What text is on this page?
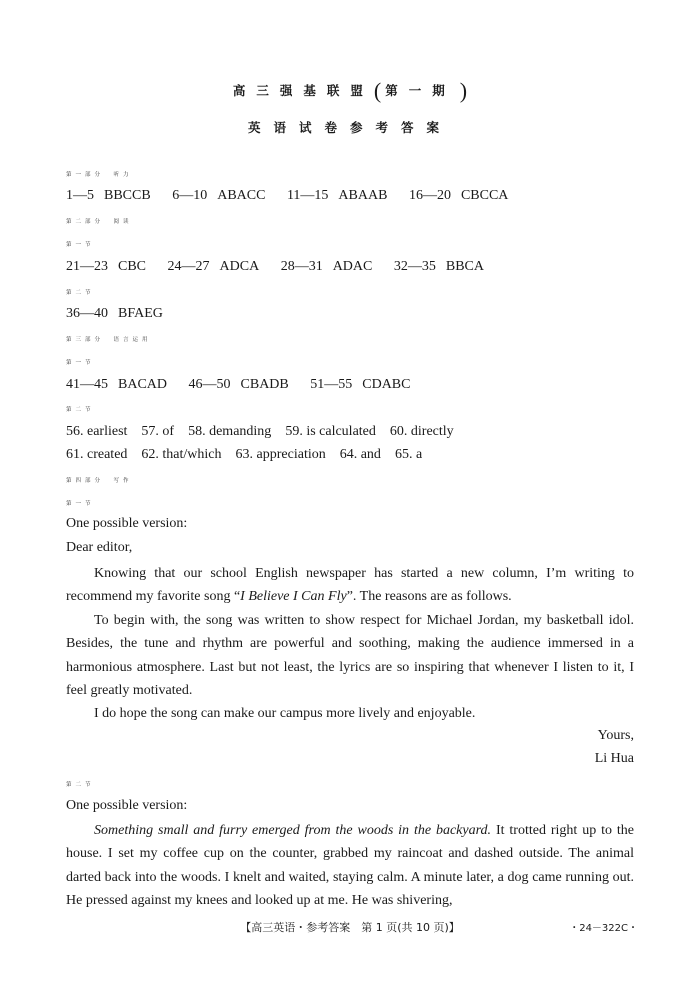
高三强基联盟( 第一期 )
英语试卷参考答案
第一部分　听力
1—5 BBCCB 6—10 ABACC 11—15 ABAAB 16—20 CBCCA
第二部分　阅读
第一节
21—23 CBC 24—27 ADCA 28—31 ADAC 32—35 BBCA
第二节
36—40 BFAEG
第三部分　语言运用
第一节
41—45 BACAD 46—50 CBADB 51—55 CDABC
第二节
56. earliest 57. of 58. demanding 59. is calculated 60. directly
61. created 62. that/which 63. appreciation 64. and 65. a
第四部分　写作
第一节
One possible version:
Dear editor,

Knowing that our school English newspaper has started a new column, I’m writing to recommend my favorite song “I Believe I Can Fly”. The reasons are as follows.

To begin with, the song was written to show respect for Michael Jordan, my basketball idol. Besides, the tune and rhythm are powerful and soothing, making the audience immersed in a harmonious atmosphere. Last but not least, the lyrics are so inspiring that whenever I listen to it, I feel greatly motivated.

I do hope the song can make our campus more lively and enjoyable.

Yours,
Li Hua
第二节
One possible version:

Something small and furry emerged from the woods in the backyard. It trotted right up to the house. I set my coffee cup on the counter, grabbed my raincoat and dashed outside. The animal darted back into the woods. I knelt and waited, staying calm. A minute later, a dog came running out. He pressed against my knees and looked up at me. He was shivering,

【高三英语・参考答案　第 1 页(共 10 页)】	・24－322C・
